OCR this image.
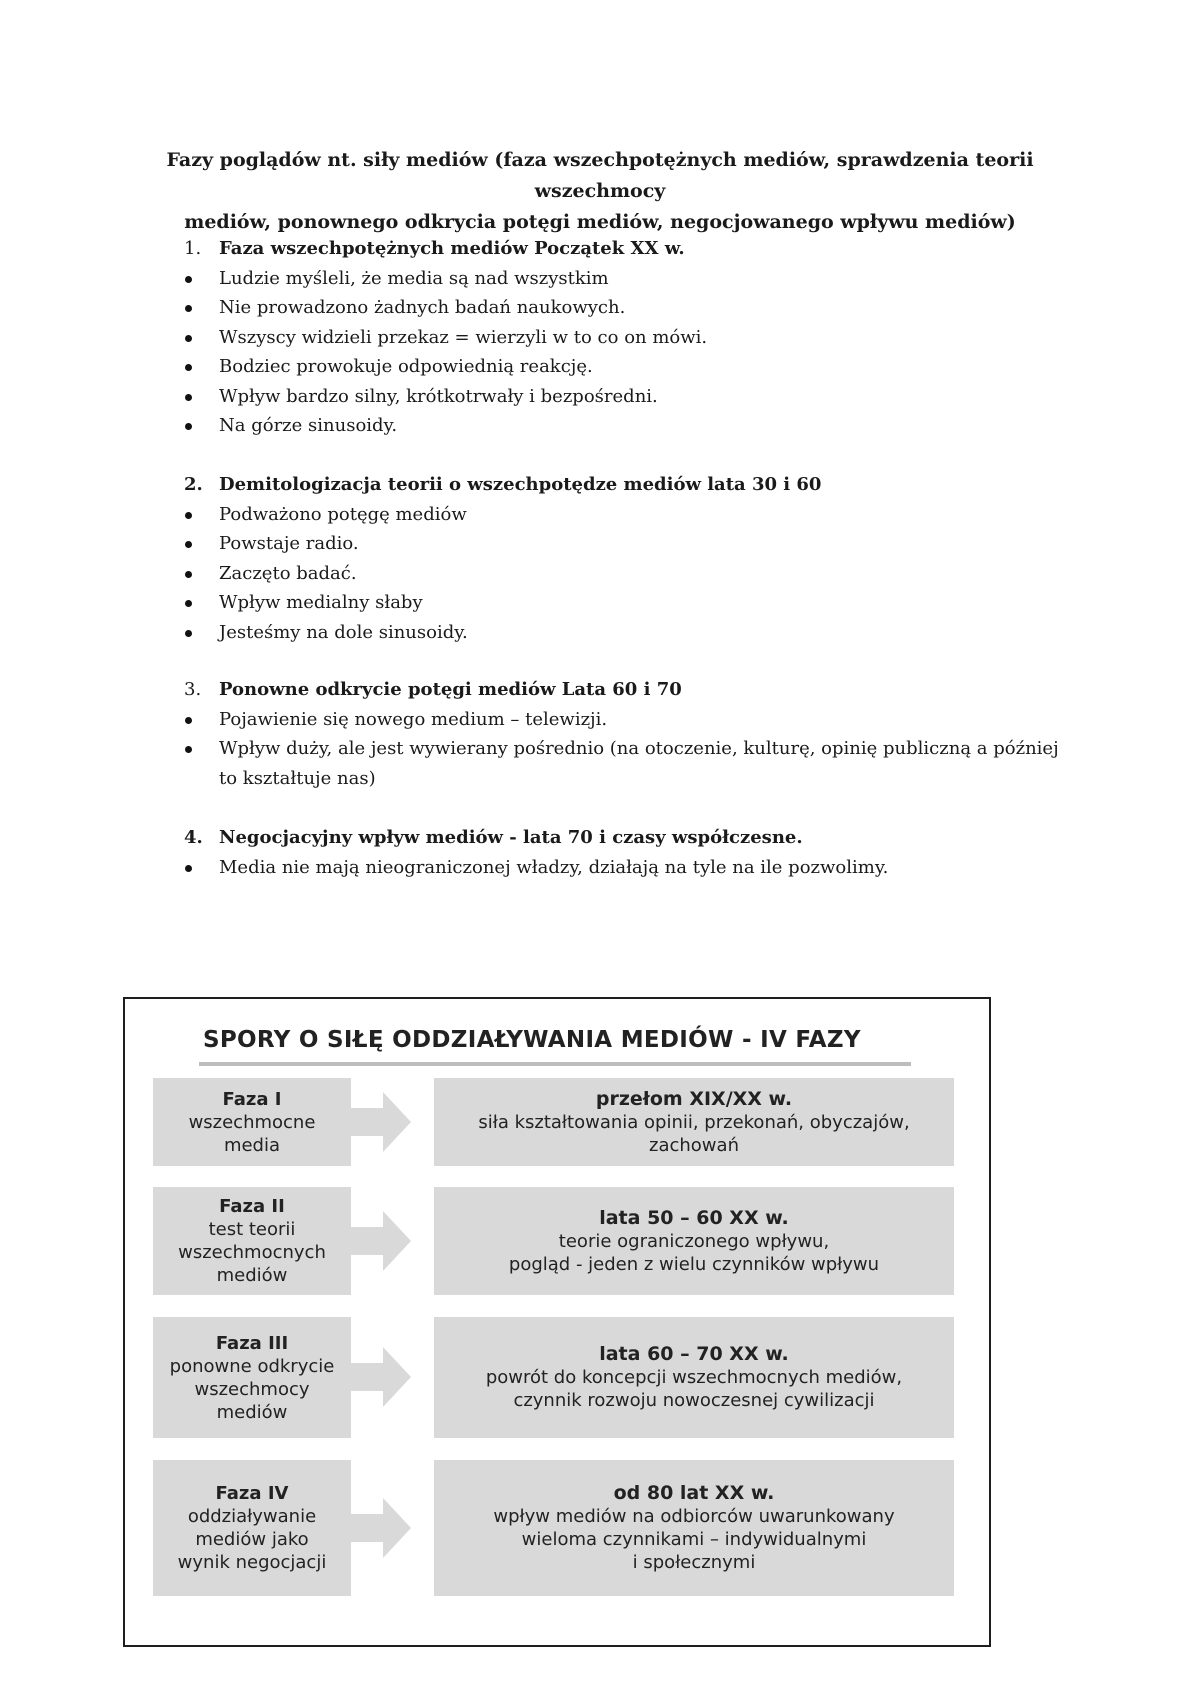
Fazy poglądów nt. siły mediów (faza wszechpotężnych mediów, sprawdzenia teorii wszechmocy
mediów, ponownego odkrycia potęgi mediów, negocjowanego wpływu mediów)
1. Faza wszechpotężnych mediów Początek XX w.
Ludzie myśleli, że media są nad wszystkim
Nie prowadzono żadnych badań naukowych.
Wszyscy widzieli przekaz = wierzyli w to co on mówi.
Bodziec prowokuje odpowiednią reakcję.
Wpływ bardzo silny, krótkotrwały i bezpośredni.
Na górze sinusoidy.
2. Demitologizacja teorii o wszechpotędze mediów lata 30 i 60
Podważono potęgę mediów
Powstaje radio.
Zaczęto badać.
Wpływ medialny słaby
Jesteśmy na dole sinusoidy.
3. Ponowne odkrycie potęgi mediów Lata 60 i 70
Pojawienie się nowego medium – telewizji.
Wpływ duży, ale jest wywierany pośrednio (na otoczenie, kulturę, opinię publiczną a później to kształtuje nas)
4. Negocjacyjny wpływ mediów - lata 70 i czasy współczesne.
Media nie mają nieograniczonej władzy, działają na tyle na ile pozwolimy.
SPORY O SIŁĘ ODDZIAŁYWANIA MEDIÓW - IV FAZY
Faza I
wszechmocne
media
przełom XIX/XX w.
siła kształtowania opinii, przekonań, obyczajów,
zachowań
Faza II
test teorii
wszechmocnych
mediów
lata 50 – 60 XX w.
teorie ograniczonego wpływu,
pogląd - jeden z wielu czynników wpływu
Faza III
ponowne odkrycie
wszechmocy
mediów
lata 60 – 70 XX w.
powrót do koncepcji wszechmocnych mediów,
czynnik rozwoju nowoczesnej cywilizacji
Faza IV
oddziaływanie
mediów jako
wynik negocjacji
od 80 lat XX w.
wpływ mediów na odbiorców uwarunkowany
wieloma czynnikami – indywidualnymi
i społecznymi
